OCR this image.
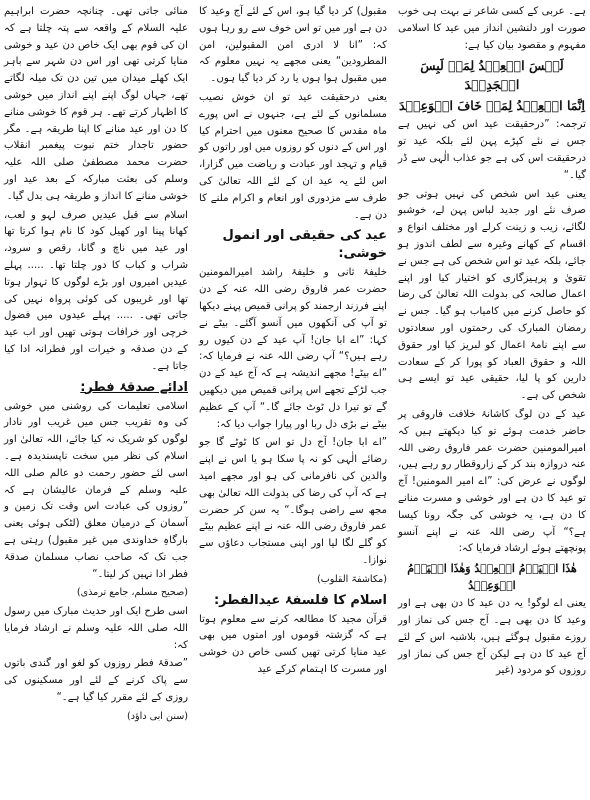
ہے۔ عربی کے کسی شاعر نے بہت ہی خوب صورت اور دلنشین انداز میں عید کا اسلامی مفہوم و مقصود بیان کیا ہے:

لَیۡسَ الۡعِیۡدُ لِمَنۡ لَبِسَ الۡجَدِیۡدَ

اِنَّمَا الۡعِیۡدُ لِمَنۡ خَافَ الۡوَعِیۡدَ

ترجمہ: ”درحقیقت عید اس کی نہیں ہے جس نے نئے کپڑے پہن لئے بلکہ عید تو درحقیقت اس کی ہے جو عذاب الٰہی سے ڈر گیا۔“

یعنی عید اس شخص کی نہیں ہوتی جو صرف نئے اور جدید لباس پہن لے، خوشبو لگائے، زیب و زینت کرلے اور مختلف انواع و اقسام کے کھانے وغیرہ سے لطف اندوز ہو جائے، بلکہ عید تو اس شخص کی ہے جس نے تقویٰ و پرہیزگاری کو اختیار کیا اور اپنے اعمال صالحہ کی بدولت اللہ تعالیٰ کی رضا کو حاصل کرنے میں کامیاب ہو گیا۔ جس نے رمضان المبارک کی رحمتوں اور سعادتوں سے اپنے نامۂ اعمال کو لبریز کیا اور حقوق اللہ و حقوق العباد کو پورا کر کے سعادت دارین کو پا لیا، حقیقی عید تو ایسے ہی شخص کی ہے۔

عید کے دن لوگ کاشانۂ خلافت فاروقی پر حاضر خدمت ہوئے تو کیا دیکھتے ہیں کہ امیرالمومنین حضرت عمر فاروق رضی اللہ عنہ دروازہ بند کر کے زاروقطار رو رہے ہیں، لوگوں نے عرض کی: ”اے امیر المومنین! آج تو عید کا دن ہے اور خوشی و مسرت منانے کا دن ہے، یہ خوشی کی جگہ رونا کیسا ہے؟“ آپ رضی اللہ عنہ نے اپنے آنسو پونچھتے ہوئے ارشاد فرمایا کہ:

هٰذَا الۡیَوۡمُ الۡعِیۡدُ وَهٰذَا الۡیَوۡمُ الۡوَعِیۡدُ

یعنی اے لوگو! یہ دن عید کا دن بھی ہے اور وعید کا دن بھی ہے۔ آج جس کی نماز اور روزے مقبول ہوگئے ہیں، بلاشبہ اس کے لئے آج عید کا دن ہے لیکن آج جس کی نماز اور روزوں کو مردود (غیر

مقبول) کر دیا گیا ہو، اس کے لئے آج وعید کا دن ہے اور میں تو اس خوف سے رو رہا ہوں کہ: ”انا لا ادری امن المقبولین، امن المطرودین“ یعنی مجھے یہ نہیں معلوم کہ میں مقبول ہوا ہوں یا رد کر دیا گیا ہوں۔

یعنی درحقیقت عید تو ان خوش نصیب مسلمانوں کے لئے ہے، جنہوں نے اس پورے ماہ مقدس کا صحیح معنوں میں احترام کیا اور اس کے دنوں کو روزوں میں اور راتوں کو قیام و تہجد اور عبادت و ریاضت میں گزارا، اس لئے یہ عید ان کے لئے اللہ تعالیٰ کی طرف سے مزدوری اور انعام و اکرام ملنے کا دن ہے۔

عید کی حقیقی اور انمول خوشی:

خلیفۂ ثانی و خلیفۂ راشد امیرالمومنین حضرت عمر فاروق رضی اللہ عنہ کے دن اپنے فرزند ارجمند کو پرانی قمیص پہنے دیکھا تو آپ کی آنکھوں میں آنسو آگئے۔ بیٹے نے کہا: ”اے ابا جان! آپ عید کے دن کیوں رو رہے ہیں؟“ آپ رضی اللہ عنہ نے فرمایا کہ: ”اے بیٹے! مجھے اندیشہ ہے کہ آج عید کے دن جب لڑکے تجھے اس پرانی قمیص میں دیکھیں گے تو تیرا دل ٹوٹ جائے گا۔“ آپ کے عظیم بیٹے نے بڑی دل ربا اور پیارا جواب دیا کہ:

”اے ابا جان! آج دل تو اس کا ٹوٹے گا جو رضائے الٰہی کو نہ پا سکا ہو یا اس نے اپنے والدین کی نافرمانی کی ہو اور مجھے امید ہے کہ آپ کی رضا کی بدولت اللہ تعالیٰ بھی مجھ سے راضی ہوگا۔“ یہ سن کر حضرت عمر فاروق رضی اللہ عنہ نے اپنے عظیم بیٹے کو گلے لگا لیا اور اپنی مستجاب دعاؤں سے نوازا۔

(مکاشفۃ القلوب)

اسلام کا فلسفۂ عیدالفطر:

قرآن مجید کا مطالعہ کرنے سے معلوم ہوتا ہے کہ گزشتہ قوموں اور امتوں میں بھی عید منایا کرتی تھیں کسی خاص دن خوشی اور مسرت کا اہتمام کرکے عید

منائی جاتی تھی۔ چنانچہ حضرت ابراہیم علیہ السلام کے واقعہ سے پتہ چلتا ہے کہ ان کی قوم بھی ایک خاص دن عید و خوشی منایا کرتی تھی اور اس دن شہر سے باہر ایک کھلے میدان میں تین دن تک میلہ لگاتے تھے، جہاں لوگ اپنے اپنے انداز میں خوشی کا اظہار کرتے تھے۔ ہر قوم کا خوشی منانے کا دن اور عید منانے کا اپنا طریقہ ہے۔ مگر حضور تاجدار ختم نبوت پیغمبر انقلاب حضرت محمد مصطفیٰ صلی اللہ علیہ وسلم کی بعثت مبارکہ کے بعد عید اور خوشی منانے کا انداز و طریقہ ہی بدل گیا۔

اسلام سے قبل عیدیں صرف لہو و لعب، کھانا پینا اور کھیل کود کا نام ہوا کرتا تھا اور عید میں ناچ و گانا، رقص و سرود، شراب و کباب کا دور چلتا تھا۔ ..... پہلے عیدیں امیروں اور بڑے لوگوں کا تہوار ہوتا تھا اور غریبوں کی کوئی پرواہ نہیں کی جاتی تھی۔ ..... پہلے عیدوں میں فضول خرچی اور خرافات ہوتی تھیں اور اب عید کے دن صدقہ و خیرات اور فطرانہ ادا کیا جاتا ہے۔

ادائے صدقۂ فطر:

اسلامی تعلیمات کی روشنی میں خوشی کی وہ تقریب جس میں غریب اور نادار لوگوں کو شریک نہ کیا جائے، اللہ تعالیٰ اور اسلام کی نظر میں سخت ناپسندیدہ ہے۔ اسی لئے حضور رحمت دو عالم صلی اللہ علیہ وسلم کے فرمان عالیشان ہے کہ ”روزوں کی عبادت اس وقت تک زمین و آسمان کے درمیان معلق (لٹکی ہوئی یعنی بارگاہِ خداوندی میں غیر مقبول) رہتی ہے جب تک کہ صاحب نصاب مسلمان صدقۂ فطر ادا نہیں کر لیتا۔“

(صحیح مسلم، جامع ترمذی)

اسی طرح ایک اور حدیث مبارک میں رسول اللہ صلی اللہ علیہ وسلم نے ارشاد فرمایا کہ:

”صدقۂ فطر روزوں کو لغو اور گندی باتوں سے پاک کرنے کے لئے اور مسکینوں کی روزی کے لئے مقرر کیا گیا ہے۔“

(سنن ابی داؤد)
